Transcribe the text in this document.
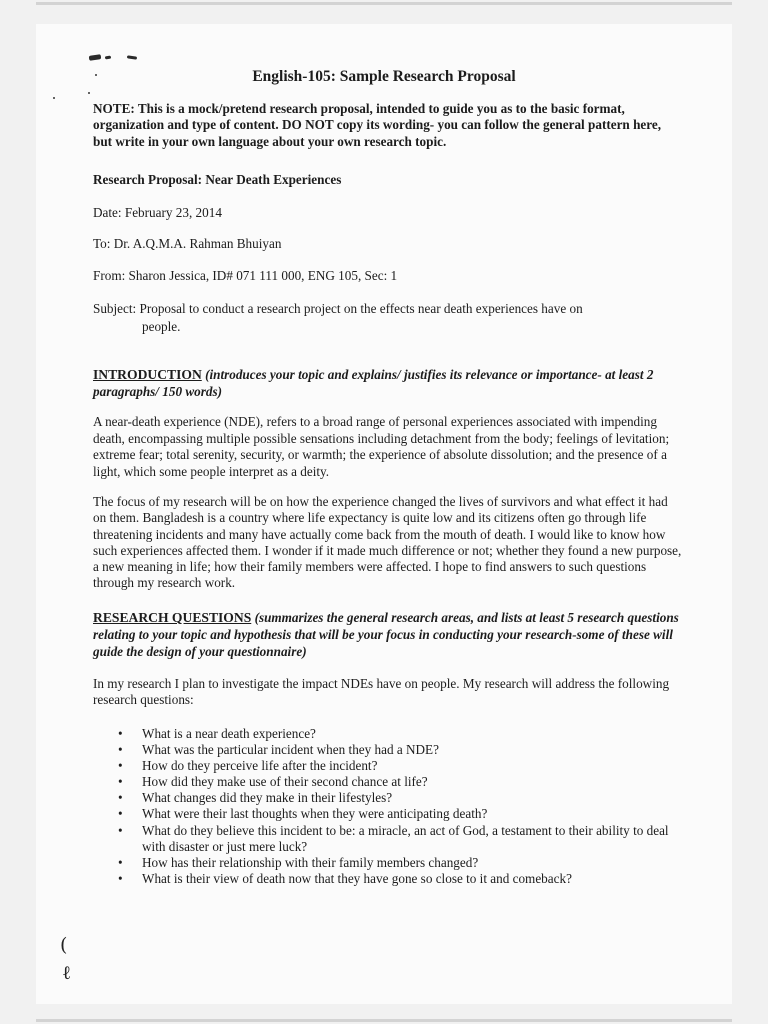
English-105: Sample Research Proposal
NOTE: This is a mock/pretend research proposal, intended to guide you as to the basic format, organization and type of content. DO NOT copy its wording- you can follow the general pattern here, but write in your own language about your own research topic.
Research Proposal: Near Death Experiences
Date: February 23, 2014
To: Dr. A.Q.M.A. Rahman Bhuiyan
From: Sharon Jessica, ID# 071 111 000, ENG 105, Sec: 1
Subject: Proposal to conduct a research project on the effects near death experiences have on
people.
INTRODUCTION (introduces your topic and explains/ justifies its relevance or importance- at least 2 paragraphs/ 150 words)
A near-death experience (NDE), refers to a broad range of personal experiences associated with impending death, encompassing multiple possible sensations including detachment from the body; feelings of levitation; extreme fear; total serenity, security, or warmth; the experience of absolute dissolution; and the presence of a light, which some people interpret as a deity.
The focus of my research will be on how the experience changed the lives of survivors and what effect it had on them. Bangladesh is a country where life expectancy is quite low and its citizens often go through life threatening incidents and many have actually come back from the mouth of death. I would like to know how such experiences affected them. I wonder if it made much difference or not; whether they found a new purpose, a new meaning in life; how their family members were affected. I hope to find answers to such questions through my research work.
RESEARCH QUESTIONS (summarizes the general research areas, and lists at least 5 research questions relating to your topic and hypothesis that will be your focus in conducting your research-some of these will guide the design of your questionnaire)
In my research I plan to investigate the impact NDEs have on people. My research will address the following research questions:
• What is a near death experience?
• What was the particular incident when they had a NDE?
• How do they perceive life after the incident?
• How did they make use of their second chance at life?
• What changes did they make in their lifestyles?
• What were their last thoughts when they were anticipating death?
• What do they believe this incident to be: a miracle, an act of God, a testament to their ability to deal with disaster or just mere luck?
• How has their relationship with their family members changed?
• What is their view of death now that they have gone so close to it and comeback?
(
ℓ
